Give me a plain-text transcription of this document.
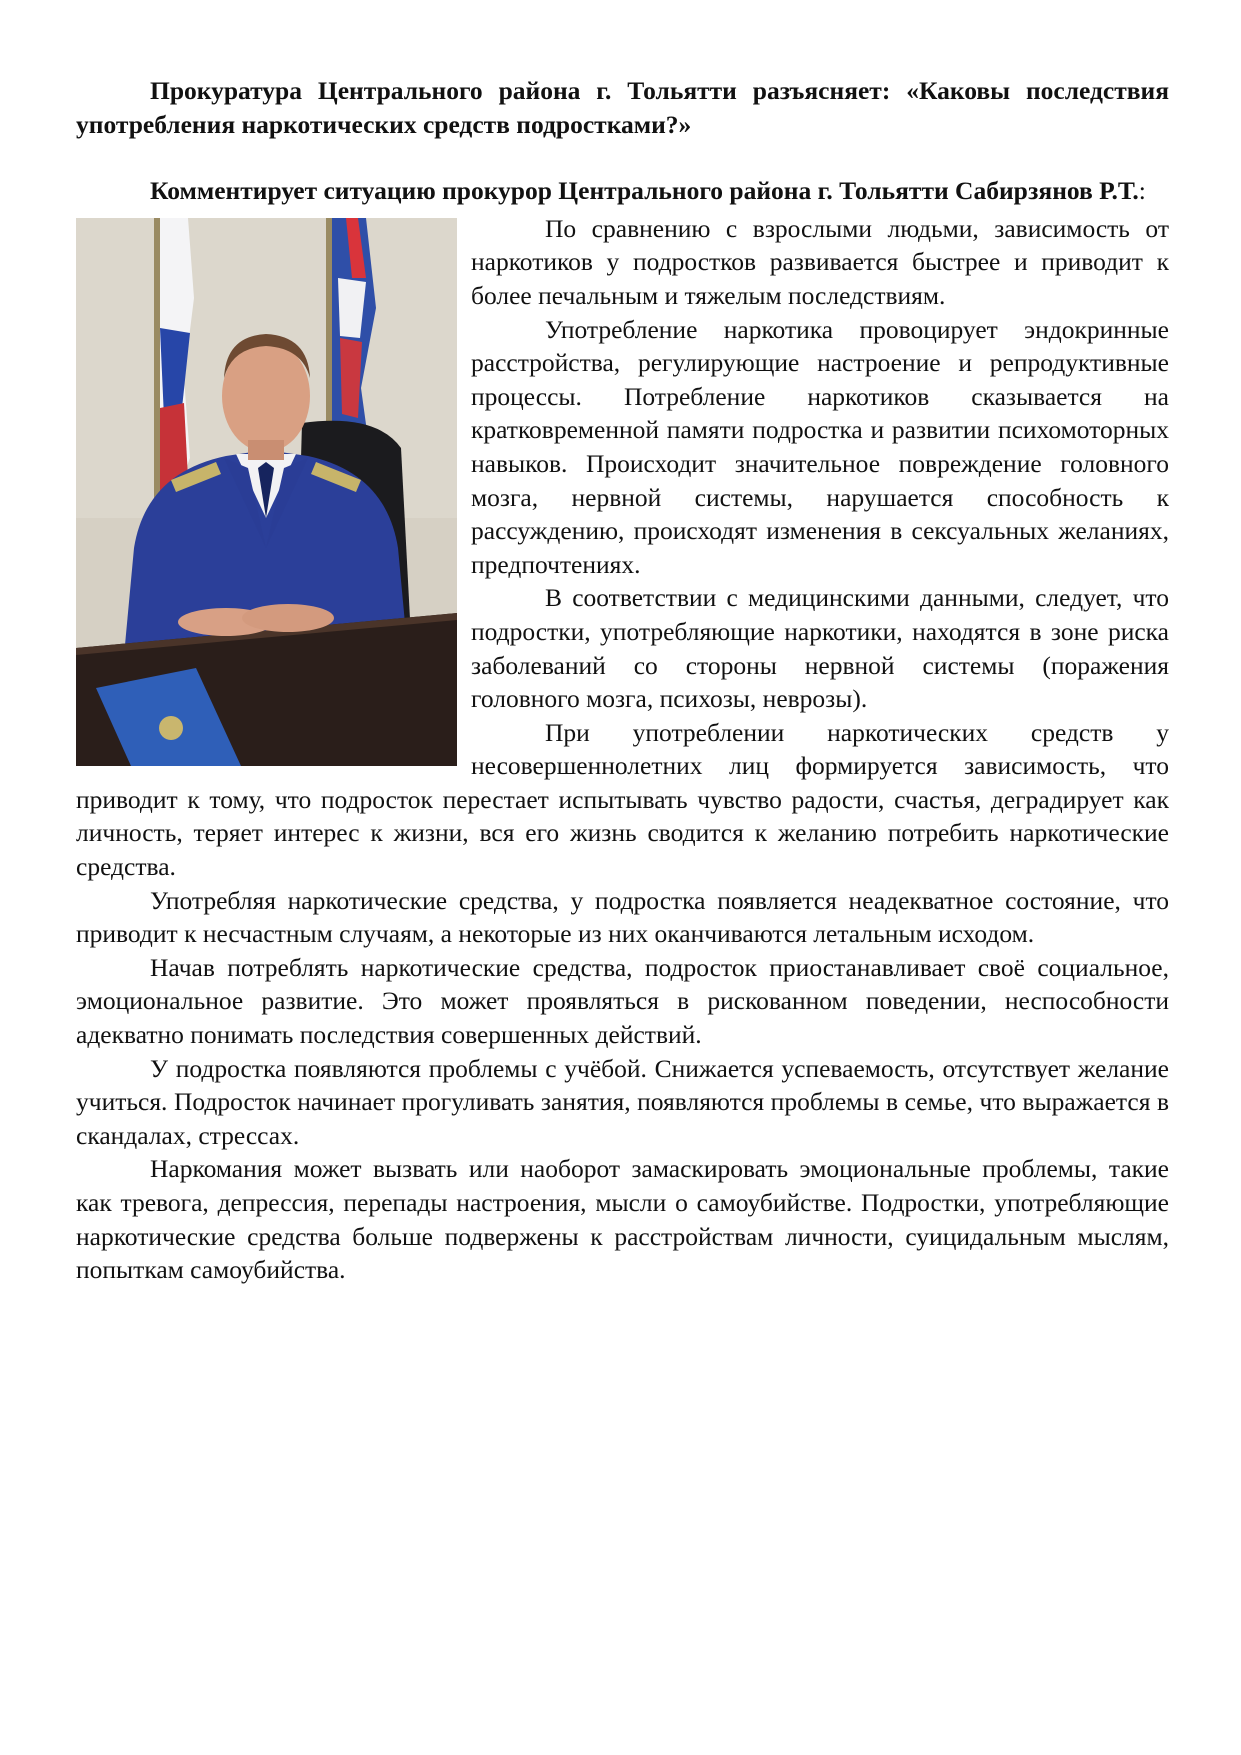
Прокуратура Центрального района г. Тольятти разъясняет: «Каковы последствия употребления наркотических средств подростками?»

Комментирует ситуацию прокурор Центрального района г. Тольятти Сабирзянов Р.Т.:

По сравнению с взрослыми людьми, зависимость от наркотиков у подростков развивается быстрее и приводит к более печальным и тяжелым последствиям.

Употребление наркотика провоцирует эндокринные расстройства, регулирующие настроение и репродуктивные процессы. Потребление наркотиков сказывается на кратковременной памяти подростка и развитии психомоторных навыков. Происходит значительное повреждение головного мозга, нервной системы, нарушается способность к рассуждению, происходят изменения в сексуальных желаниях, предпочтениях.

В соответствии с медицинскими данными, следует, что подростки, употребляющие наркотики, находятся в зоне риска заболеваний со стороны нервной системы (поражения головного мозга, психозы, неврозы).

При употреблении наркотических средств у несовершеннолетних лиц формируется зависимость, что приводит к тому, что подросток перестает испытывать чувство радости, счастья, деградирует как личность, теряет интерес к жизни, вся его жизнь сводится к желанию потребить наркотические средства.

Употребляя наркотические средства, у подростка появляется неадекватное состояние, что приводит к несчастным случаям, а некоторые из них оканчиваются летальным исходом.

Начав потреблять наркотические средства, подросток приостанавливает своё социальное, эмоциональное развитие. Это может проявляться в рискованном поведении, неспособности адекватно понимать последствия совершенных действий.

У подростка появляются проблемы с учёбой. Снижается успеваемость, отсутствует желание учиться. Подросток начинает прогуливать занятия, появляются проблемы в семье, что выражается в скандалах, стрессах.

Наркомания может вызвать или наоборот замаскировать эмоциональные проблемы, такие как тревога, депрессия, перепады настроения, мысли о самоубийстве. Подростки, употребляющие наркотические средства больше подвержены к расстройствам личности, суицидальным мыслям, попыткам самоубийства.
